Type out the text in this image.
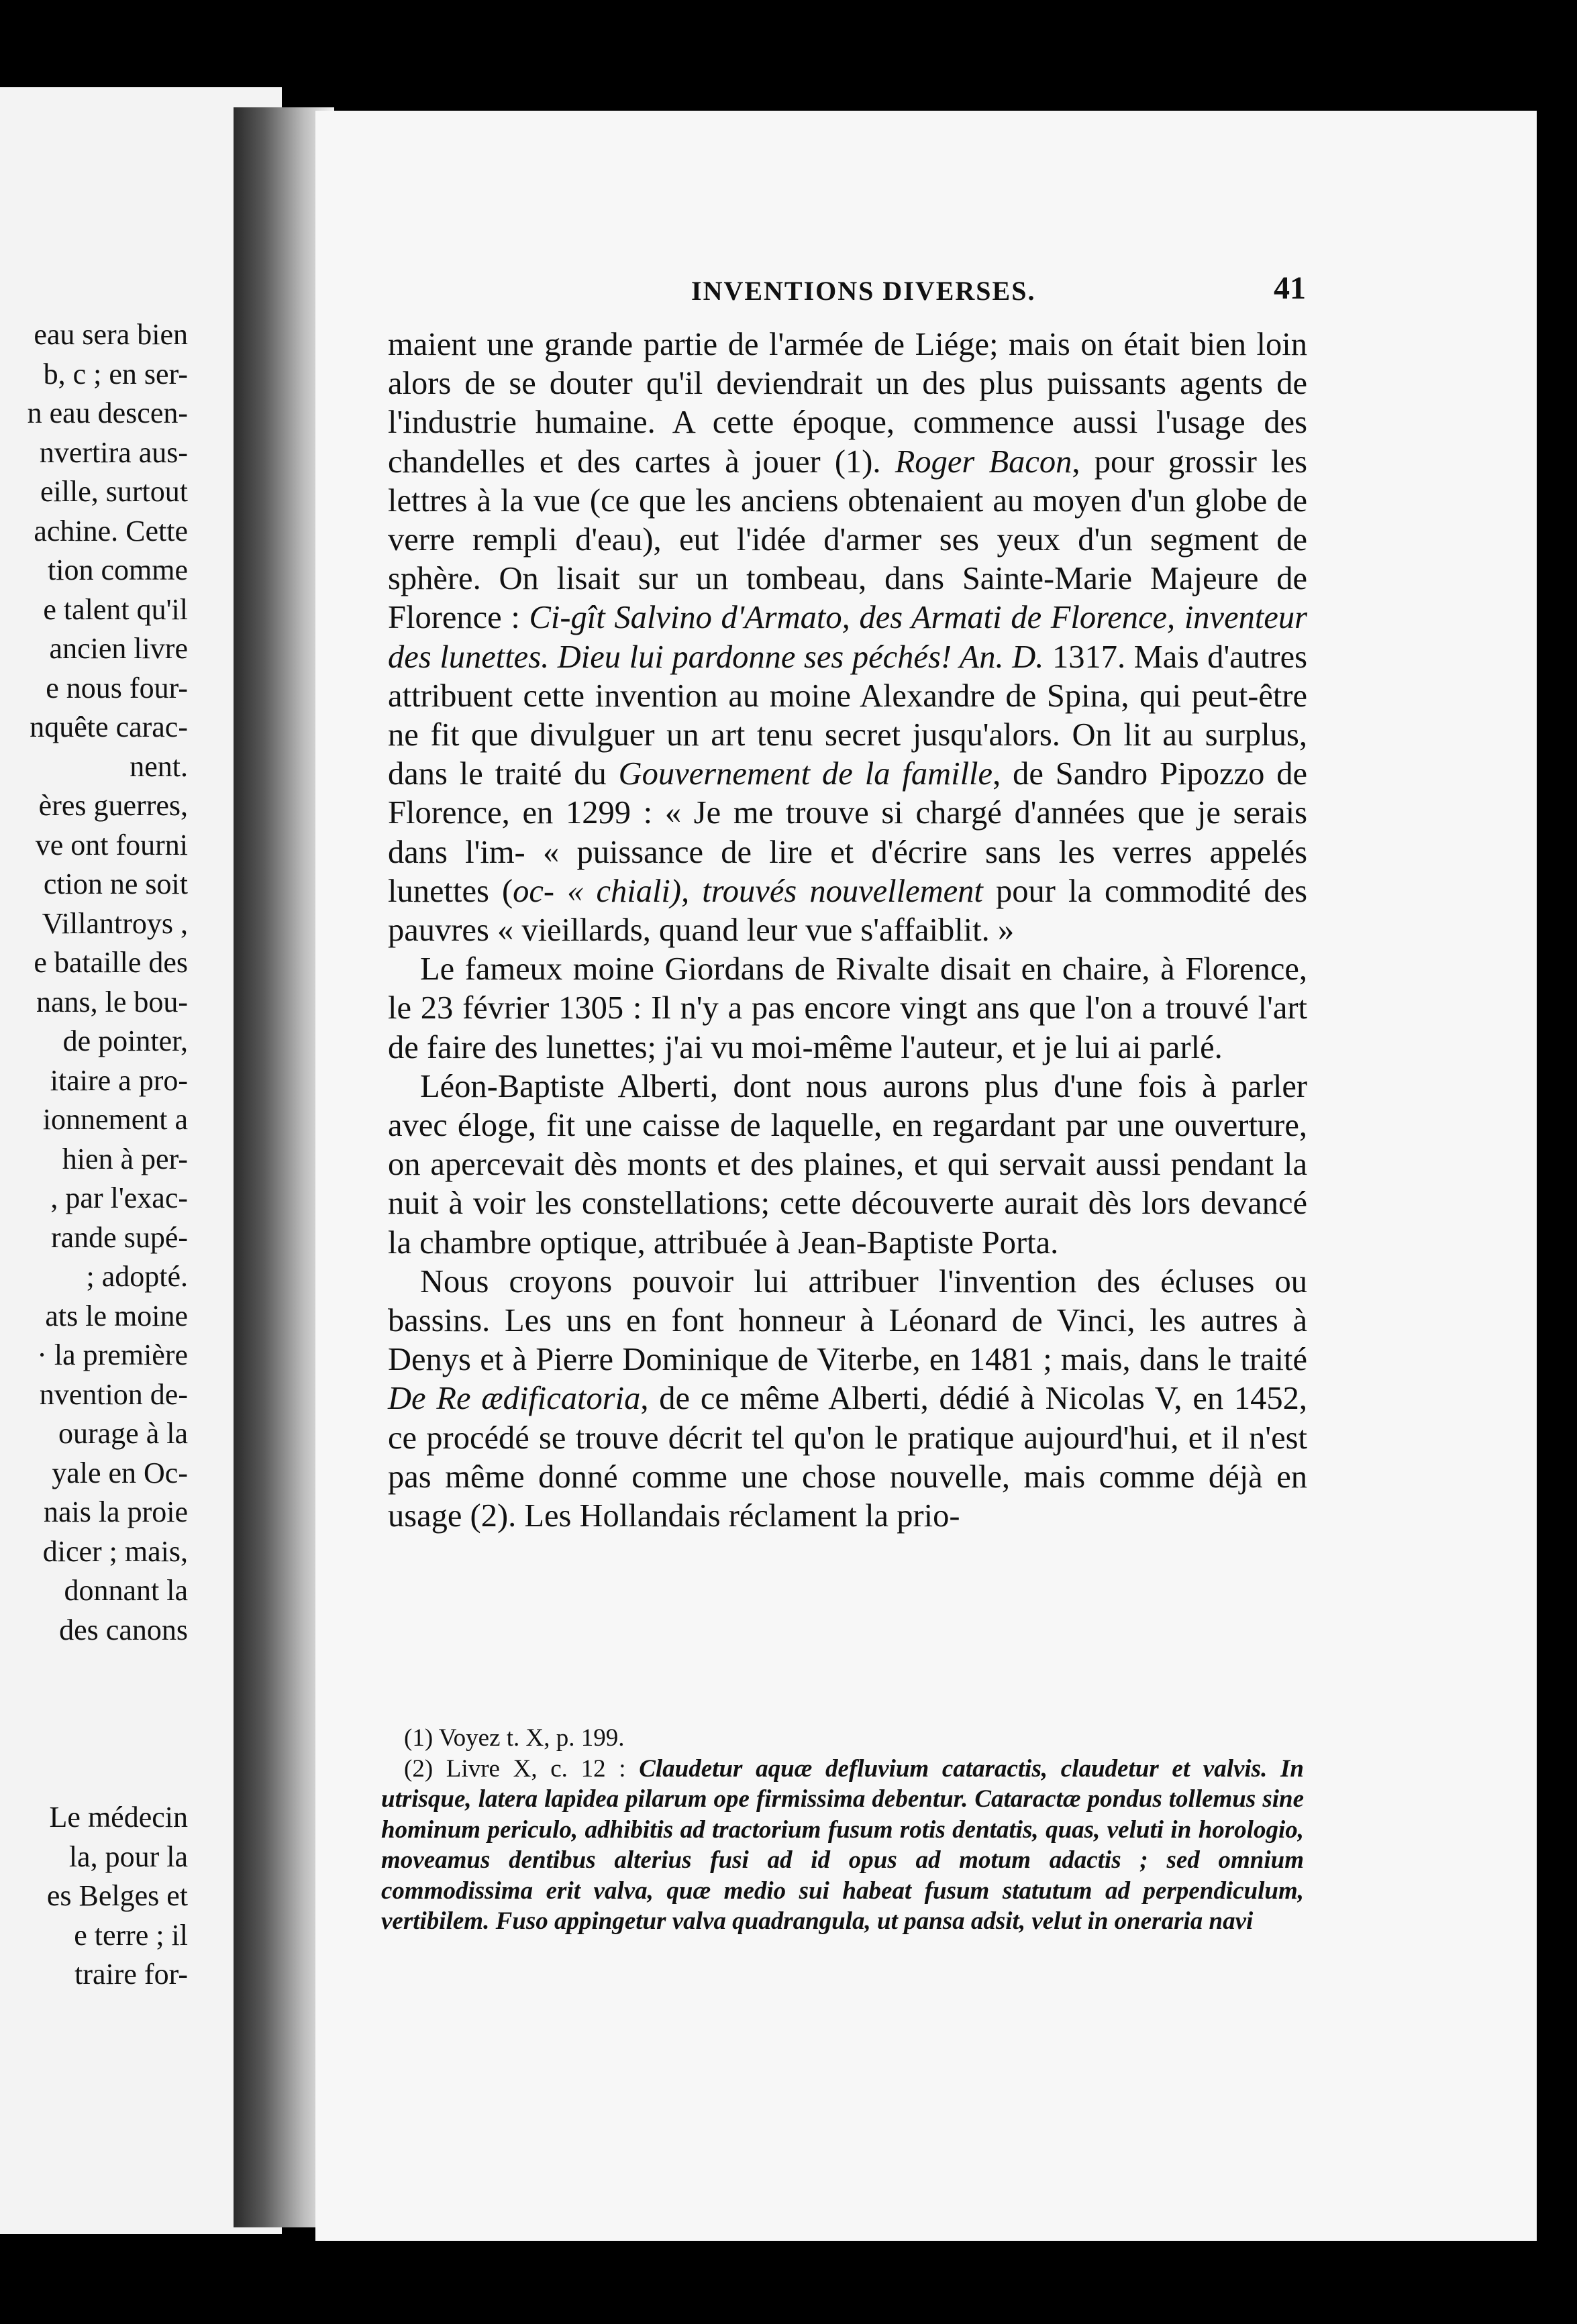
eau sera bien
b, c ; en ser-
n eau descen-
nvertira aus-
eille, surtout
achine. Cette
tion comme
e talent qu'il
ancien livre
e nous four-
nquête carac-
nent.
ères guerres,
ve ont fourni
ction ne soit
Villantroys ,
e bataille des
nans, le bou-
de pointer,
itaire a pro-
ionnement a
hien à per-
, par l'exac-
rande supé-
; adopté.
ats le moine
· la première
nvention de-
ourage à la
yale en Oc-
nais la proie
dicer ; mais,
donnant la
des canons
Le médecin
la, pour la
es Belges et
e terre ; il
traire for-
INVENTIONS DIVERSES.	41

maient une grande partie de l'armée de Liége; mais on était bien loin alors de se douter qu'il deviendrait un des plus puissants agents de l'industrie humaine. A cette époque, commence aussi l'usage des chandelles et des cartes à jouer (1). Roger Bacon, pour grossir les lettres à la vue (ce que les anciens obtenaient au moyen d'un globe de verre rempli d'eau), eut l'idée d'armer ses yeux d'un segment de sphère. On lisait sur un tombeau, dans Sainte-Marie Majeure de Florence : Ci-gît Salvino d'Armato, des Armati de Florence, inventeur des lunettes. Dieu lui pardonne ses péchés! An. D. 1317. Mais d'autres attribuent cette invention au moine Alexandre de Spina, qui peut-être ne fit que divulguer un art tenu secret jusqu'alors. On lit au surplus, dans le traité du Gouvernement de la famille, de Sandro Pipozzo de Florence, en 1299 : « Je me trouve si chargé d'années que je serais dans l'im- « puissance de lire et d'écrire sans les verres appelés lunettes (oc- « chiali), trouvés nouvellement pour la commodité des pauvres « vieillards, quand leur vue s'affaiblit. »

Le fameux moine Giordans de Rivalte disait en chaire, à Florence, le 23 février 1305 : Il n'y a pas encore vingt ans que l'on a trouvé l'art de faire des lunettes; j'ai vu moi-même l'auteur, et je lui ai parlé.

Léon-Baptiste Alberti, dont nous aurons plus d'une fois à parler avec éloge, fit une caisse de laquelle, en regardant par une ouverture, on apercevait dès monts et des plaines, et qui servait aussi pendant la nuit à voir les constellations; cette découverte aurait dès lors devancé la chambre optique, attribuée à Jean-Baptiste Porta.

Nous croyons pouvoir lui attribuer l'invention des écluses ou bassins. Les uns en font honneur à Léonard de Vinci, les autres à Denys et à Pierre Dominique de Viterbe, en 1481 ; mais, dans le traité De Re ædificatoria, de ce même Alberti, dédié à Nicolas V, en 1452, ce procédé se trouve décrit tel qu'on le pratique aujourd'hui, et il n'est pas même donné comme une chose nouvelle, mais comme déjà en usage (2). Les Hollandais réclament la prio-

(1) Voyez t. X, p. 199.

(2) Livre X, c. 12 : Claudetur aquæ defluvium cataractis, claudetur et valvis. In utrisque, latera lapidea pilarum ope firmissima debentur. Cataractæ pondus tollemus sine hominum periculo, adhibitis ad tractorium fusum rotis dentatis, quas, veluti in horologio, moveamus dentibus alterius fusi ad id opus ad motum adactis ; sed omnium commodissima erit valva, quæ medio sui habeat fusum statutum ad perpendiculum, vertibilem. Fuso appingetur valva quadrangula, ut pansa adsit, velut in oneraria navi
